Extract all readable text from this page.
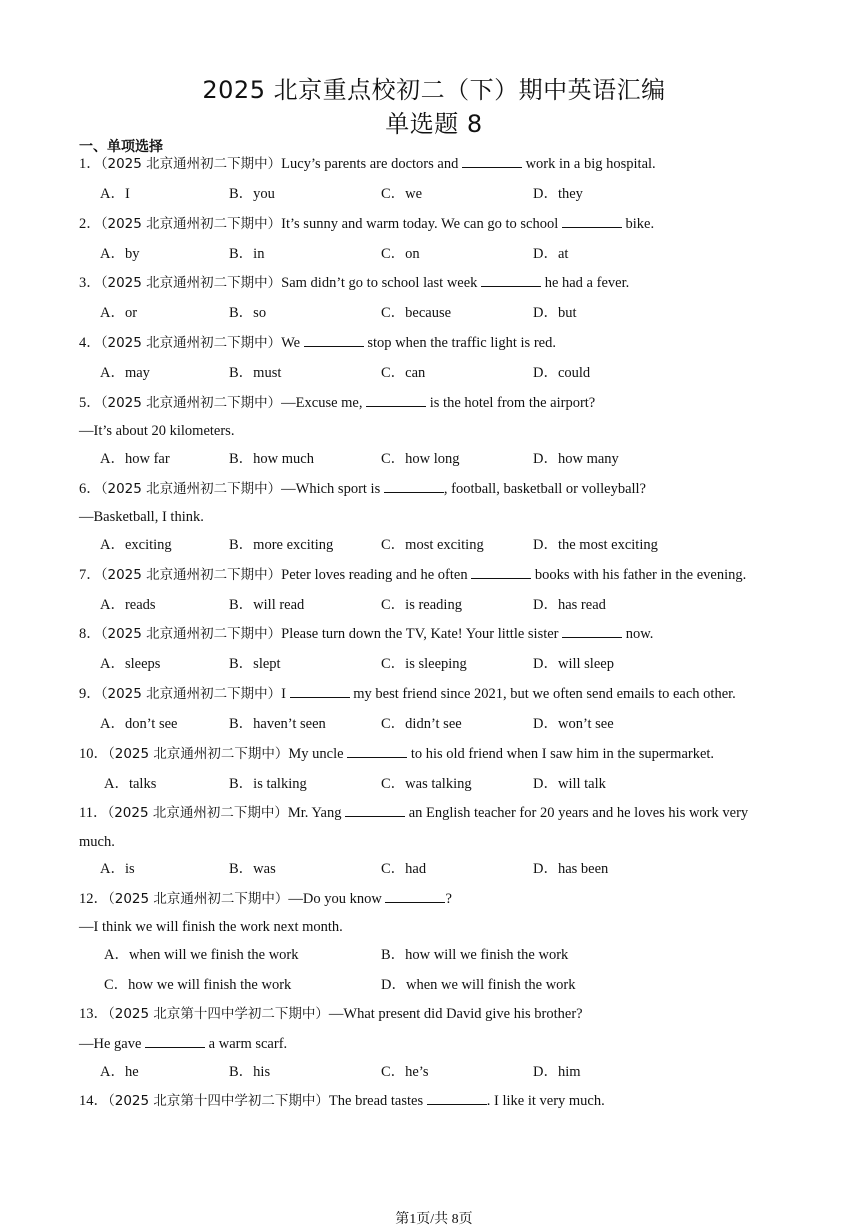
2025 北京重点校初二（下）期中英语汇编
单选题 8
一、单项选择
1．（2025 北京通州初二下期中）Lucy’s parents are doctors and	work in a big hospital.
A．I	B．you	C．we	D．they
2．（2025 北京通州初二下期中）It’s sunny and warm today. We can go to school	bike.
A．by	B．in	C．on	D．at
3．（2025 北京通州初二下期中）Sam didn’t go to school last week	he had a fever.
A．or	B．so	C．because	D．but
4．（2025 北京通州初二下期中）We	stop when the traffic light is red.
A．may	B．must	C．can	D．could
5．（2025 北京通州初二下期中）—Excuse me,	is the hotel from the airport?
—It’s about 20 kilometers.
A．how far	B．how much	C．how long	D．how many
6．（2025 北京通州初二下期中）—Which sport is	, football, basketball or volleyball?
—Basketball, I think.
A．exciting	B．more exciting	C．most exciting	D．the most exciting
7．（2025 北京通州初二下期中）Peter loves reading and he often	books with his father in the evening.
A．reads	B．will read	C．is reading	D．has read
8．（2025 北京通州初二下期中）Please turn down the TV, Kate! Your little sister	now.
A．sleeps	B．slept	C．is sleeping	D．will sleep
9．（2025 北京通州初二下期中）I	my best friend since 2021, but we often send emails to each other.
A．don’t see	B．haven’t seen	C．didn’t see	D．won’t see
10．（2025 北京通州初二下期中）My uncle	to his old friend when I saw him in the supermarket.
A．talks	B．is talking	C．was talking	D．will talk
11．（2025 北京通州初二下期中）Mr. Yang	an English teacher for 20 years and he loves his work very
much.
A．is	B．was	C．had	D．has been
12．（2025 北京通州初二下期中）—Do you know	?
—I think we will finish the work next month.
A．when will we finish the work	B．how will we finish the work
C．how we will finish the work	D．when we will finish the work
13．（2025 北京第十四中学初二下期中）—What present did David give his brother?
—He gave	a warm scarf.
A．he	B．his	C．he’s	D．him
14．（2025 北京第十四中学初二下期中）The bread tastes	. I like it very much.
第1页/共 8页
